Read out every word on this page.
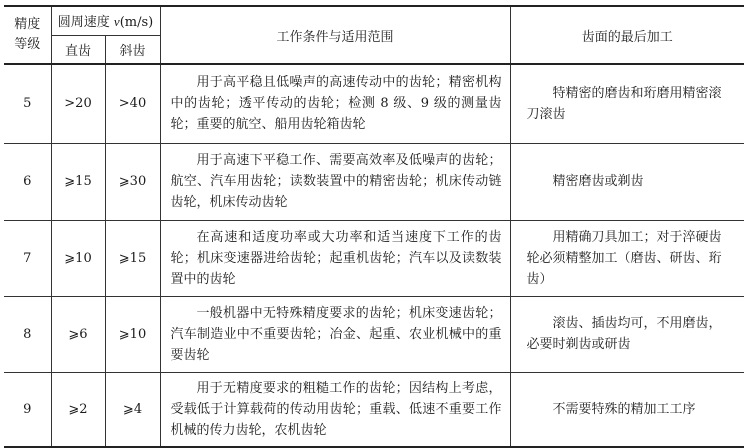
精度等级	圆周速度 v(m/s)		工作条件与适用范围	齿面的最后加工
	直齿	斜齿		
5	>20	>40	用于高平稳且低噪声的高速传动中的齿轮；精密机构中的齿轮；透平传动的齿轮；检测 8 级、9 级的测量齿轮；重要的航空、船用齿轮箱齿轮	特精密的磨齿和珩磨用精密滚刀滚齿
6	⩾15	⩾30	用于高速下平稳工作、需要高效率及低噪声的齿轮；航空、汽车用齿轮；读数装置中的精密齿轮；机床传动链齿轮，机床传动齿轮	精密磨齿或剃齿
7	⩾10	⩾15	在高速和适度功率或大功率和适当速度下工作的齿轮；机床变速器进给齿轮；起重机齿轮；汽车以及读数装置中的齿轮	用精确刀具加工；对于淬硬齿轮必须精整加工（磨齿、研齿、珩齿）
8	⩾6	⩾10	一般机器中无特殊精度要求的齿轮；机床变速齿轮；汽车制造业中不重要齿轮；冶金、起重、农业机械中的重要齿轮	滚齿、插齿均可，不用磨齿，必要时剃齿或研齿
9	⩾2	⩾4	用于无精度要求的粗糙工作的齿轮；因结构上考虑，受载低于计算载荷的传动用齿轮；重载、低速不重要工作机械的传力齿轮，农机齿轮	不需要特殊的精加工工序
